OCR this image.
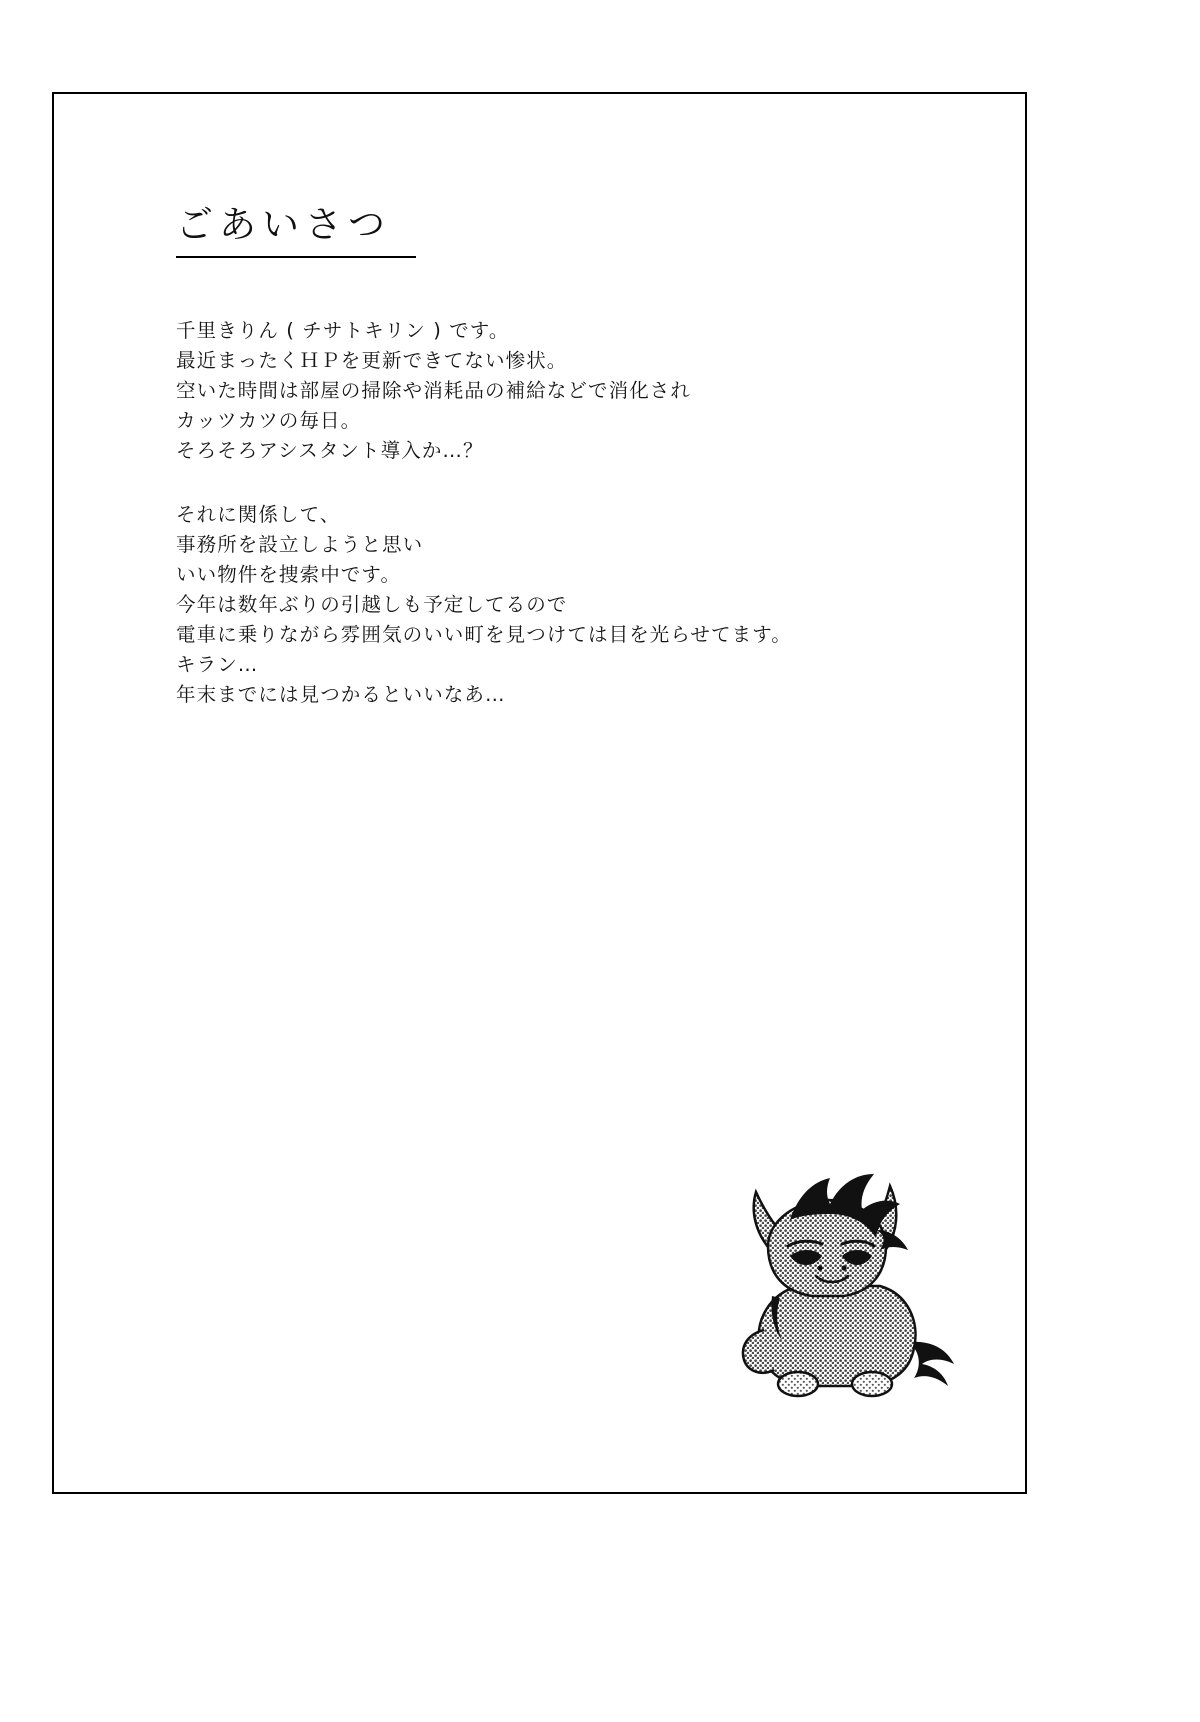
ごあいさつ
千里きりん ( チサトキリン ) です。
最近まったくＨＰを更新できてない惨状。
空いた時間は部屋の掃除や消耗品の補給などで消化され
カッツカツの毎日。
そろそろアシスタント導入か…？
それに関係して、
事務所を設立しようと思い
いい物件を捜索中です。
今年は数年ぶりの引越しも予定してるので
電車に乗りながら雰囲気のいい町を見つけては目を光らせてます。
キラン…
年末までには見つかるといいなあ…
